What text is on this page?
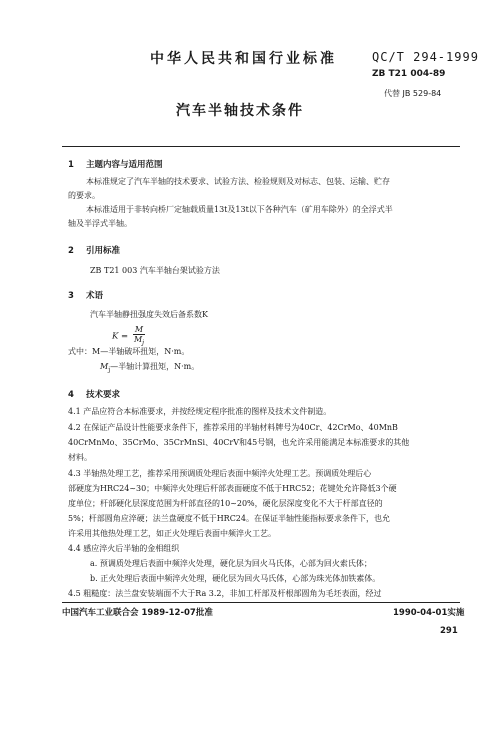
中华人民共和国行业标准	QC/T 294-1999
ZB T21 004-89
代替 JB 529-84
汽车半轴技术条件
1 主题内容与适用范围
本标准规定了汽车半轴的技术要求、试验方法、检验规则及对标志、包装、运输、贮存
的要求。
本标准适用于非转向桥厂定轴载质量13t及13t以下各种汽车（矿用车除外）的全浮式半
轴及半浮式半轴。
2 引用标准
ZB T21 003 汽车半轴台架试验方法
3 术语
汽车半轴静扭强度失效后备系数K
$K = \frac{M}{M_j}$
式中：M—半轴破坏扭矩，N·m。
$M_j—$半轴计算扭矩，N·m。
4 技术要求
4.1 产品应符合本标准要求，并按经规定程序批准的图样及技术文件制造。
4.2 在保证产品设计性能要求条件下，推荐采用的半轴材料牌号为40Cr、42CrMo、40MnB
40CrMnMo、35CrMo、35CrMnSi、40CrV和45号钢，也允许采用能满足本标准要求的其他
材料。
4.3 半轴热处理工艺，推荐采用预调质处理后表面中频淬火处理工艺。预调质处理后心
部硬度为HRC24~30；中频淬火处理后杆部表面硬度不低于HRC52；花键处允许降低3个硬
度单位；杆部硬化层深度范围为杆部直径的10~20%，硬化层深度变化不大于杆部直径的
5%；杆部圆角应淬硬；法兰盘硬度不低于HRC24。在保证半轴性能指标要求条件下，也允
许采用其他热处理工艺，如正火处理后表面中频淬火工艺。
4.4 感应淬火后半轴的金相组织
a. 预调质处理后表面中频淬火处理，硬化层为回火马氏体，心部为回火索氏体；
b. 正火处理后表面中频淬火处理，硬化层为回火马氏体，心部为珠光体加铁素体。
4.5 粗糙度：法兰盘安装端面不大于Ra 3.2，非加工杆部及杆根部圆角为毛坯表面，经过
中国汽车工业联合会 1989-12-07批准	1990-04-01实施
291
